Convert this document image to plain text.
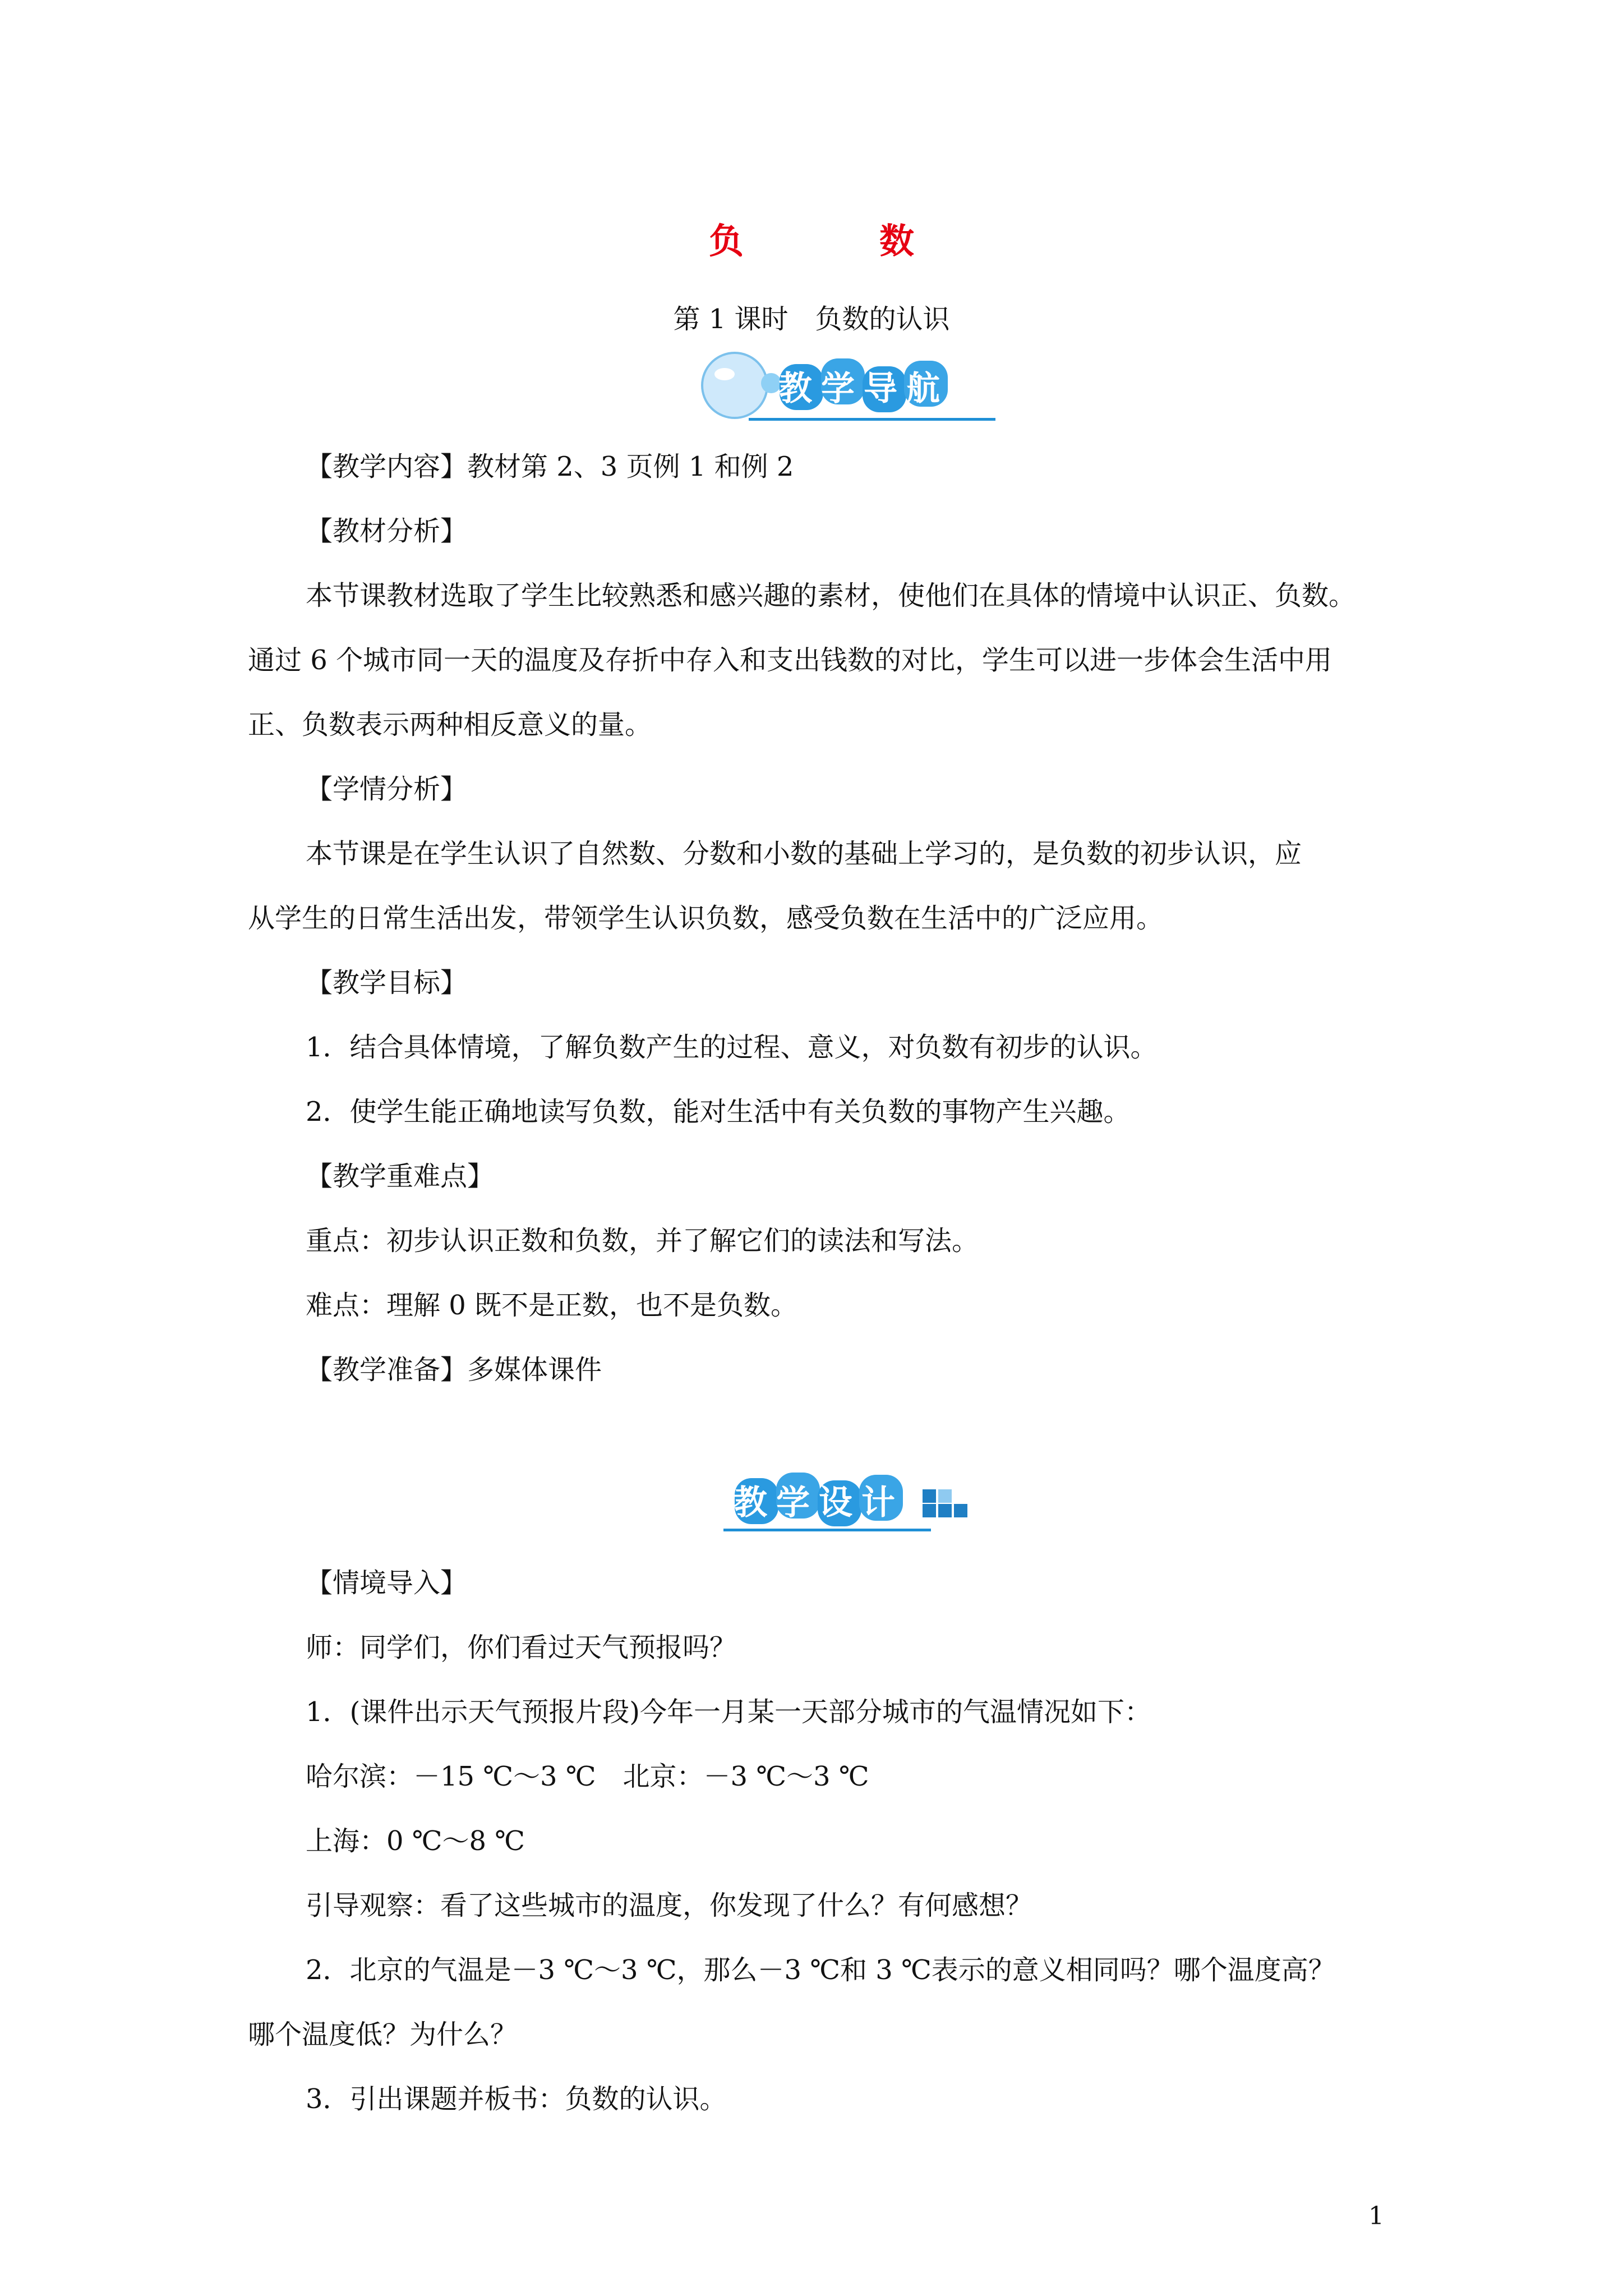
负　数
第 1 课时　负数的认识
教学导航
教学设计
【教学内容】教材第 2、3 页例 1 和例 2
【教材分析】
本节课教材选取了学生比较熟悉和感兴趣的素材，使他们在具体的情境中认识正、负数。
通过 6 个城市同一天的温度及存折中存入和支出钱数的对比，学生可以进一步体会生活中用
正、负数表示两种相反意义的量。
【学情分析】
本节课是在学生认识了自然数、分数和小数的基础上学习的，是负数的初步认识，应
从学生的日常生活出发，带领学生认识负数，感受负数在生活中的广泛应用。
【教学目标】
1．结合具体情境，了解负数产生的过程、意义，对负数有初步的认识。
2．使学生能正确地读写负数，能对生活中有关负数的事物产生兴趣。
【教学重难点】
重点：初步认识正数和负数，并了解它们的读法和写法。
难点：理解 0 既不是正数，也不是负数。
【教学准备】多媒体课件
【情境导入】
师：同学们，你们看过天气预报吗？
1．(课件出示天气预报片段)今年一月某一天部分城市的气温情况如下：
哈尔滨：－15 ℃～3 ℃　北京：－3 ℃～3 ℃
上海：0 ℃～8 ℃
引导观察：看了这些城市的温度，你发现了什么？有何感想？
2．北京的气温是－3 ℃～3 ℃，那么－3 ℃和 3 ℃表示的意义相同吗？哪个温度高？
哪个温度低？为什么？
3．引出课题并板书：负数的认识。
1
